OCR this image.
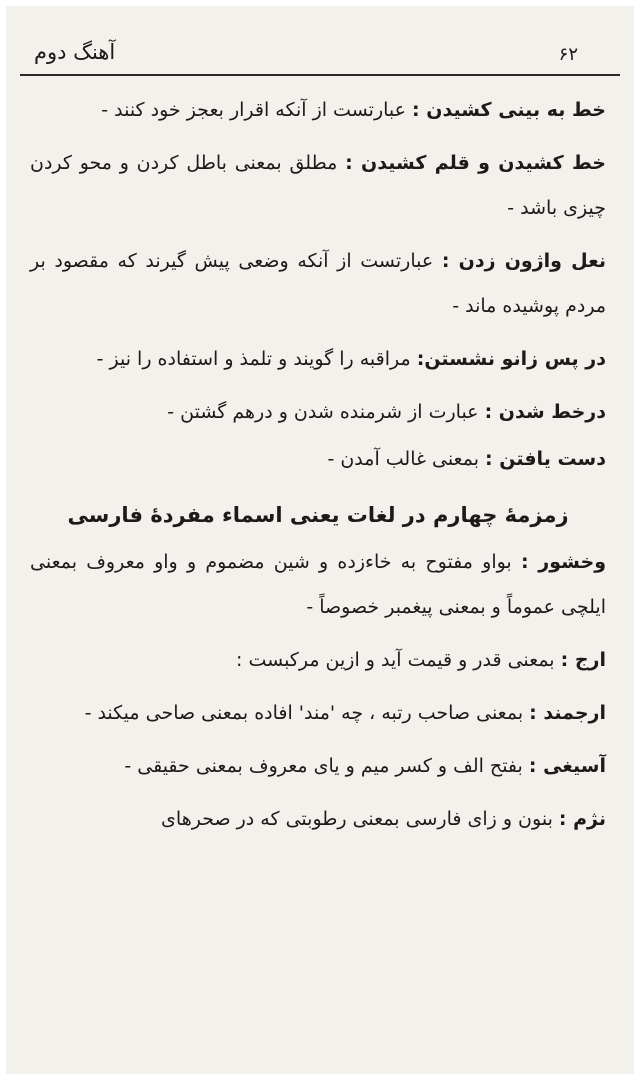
آهنگ دوم	۶۲

خط به بینی کشیدن : عبارتست از آنکه اقرار بعجز خود کنند -

خط کشیدن و قلم کشیدن : مطلق بمعنی باطل کردن و محو کردن چیزی باشد -

نعل واژون زدن : عبارتست از آنکه وضعی پیش گیرند که مقصود بر مردم پوشیده ماند -

در پس زانو نشستن: مراقبه را گویند و تلمذ و استفاده را نیز -

درخط شدن : عبارت از شرمنده شدن و درهم گشتن -

دست یافتن : بمعنی غالب آمدن -

زمزمهٔ چهارم در لغات یعنی اسماء مفردهٔ فارسی

وخشور : بواو مفتوح به خاءزده و شین مضموم و واو معروف بمعنی ایلچی عموماً و بمعنی پیغمبر خصوصاً -

ارج : بمعنی قدر و قیمت آید و ازین مرکبست :

ارجمند : بمعنی صاحب رتبه ، چه 'مند' افاده بمعنی صاحی میکند -

آسیغی : بفتح الف و کسر میم و یای معروف بمعنی حقیقی -

نژم : بنون و زای فارسی بمعنی رطوبتی که در صحرهای
